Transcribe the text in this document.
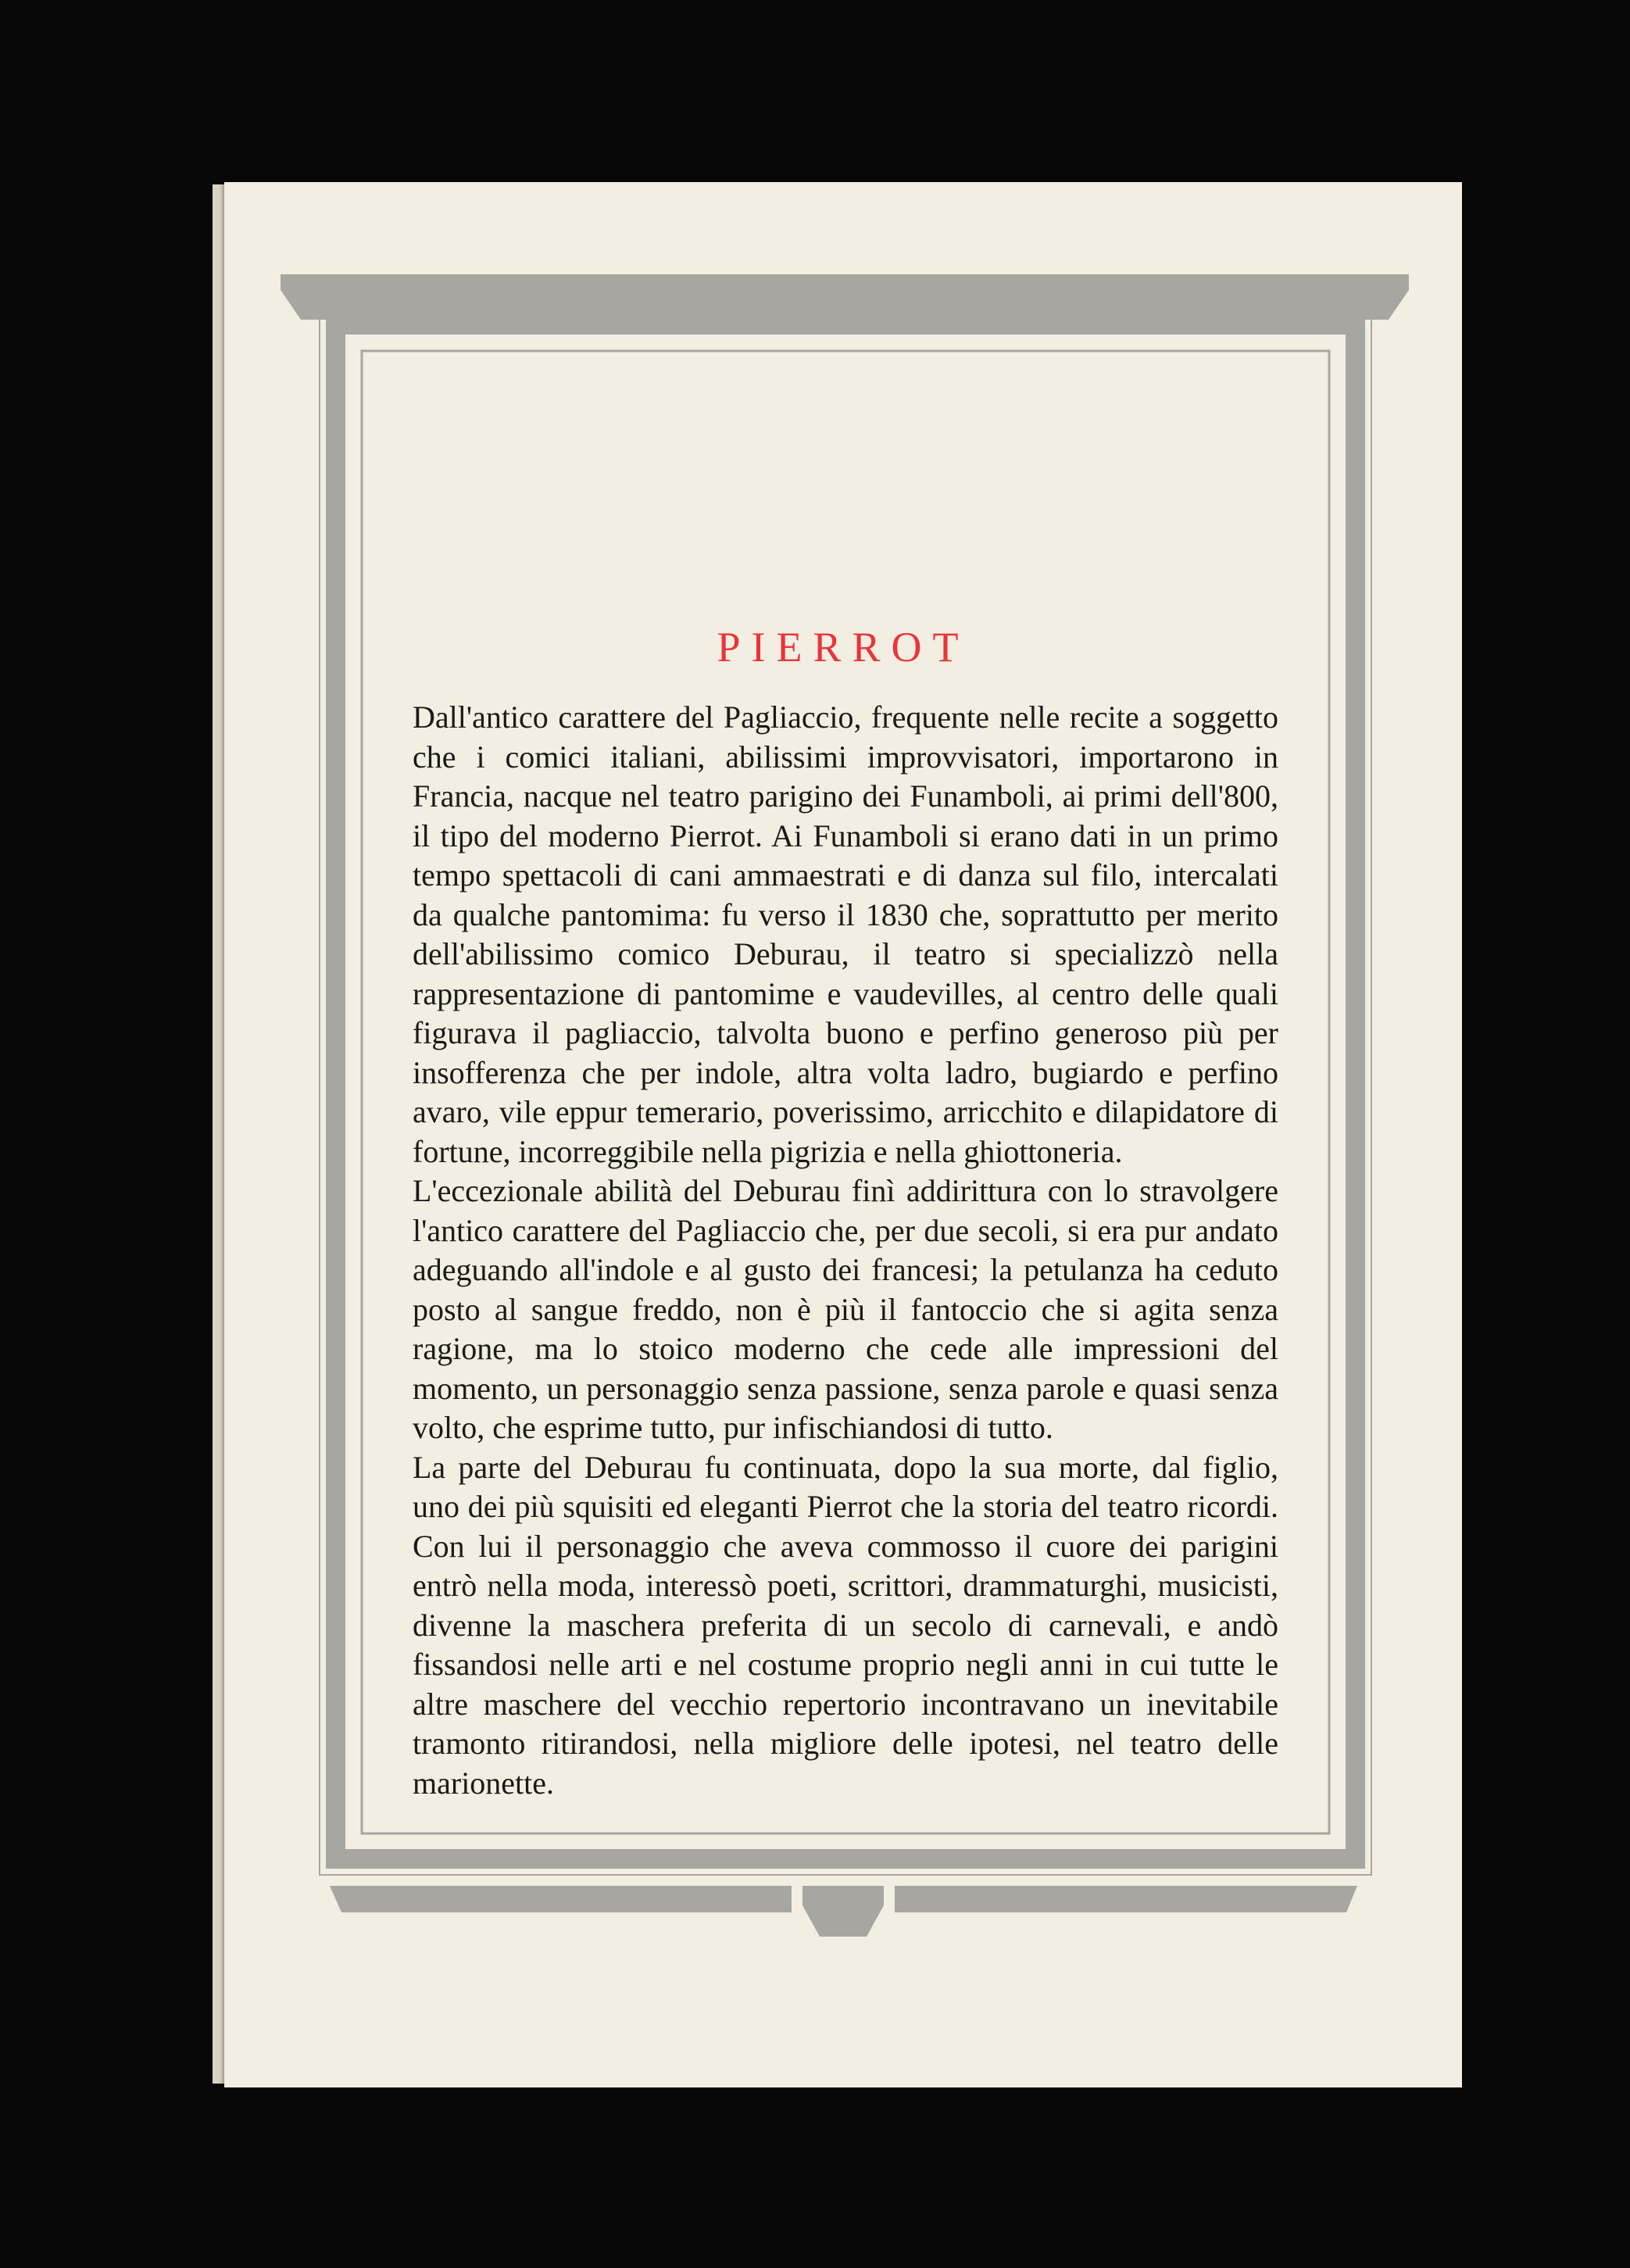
PIERROT

Dall'antico carattere del Pagliaccio, frequente nelle recite a soggetto che i comici italiani, abilissimi improvvisatori, importarono in Francia, nacque nel teatro parigino dei Funamboli, ai primi dell'800, il tipo del moderno Pierrot. Ai Funamboli si erano dati in un primo tempo spettacoli di cani ammaestrati e di danza sul filo, intercalati da qualche pantomima: fu verso il 1830 che, soprattutto per merito dell'abilissimo comico Deburau, il teatro si specializzò nella rappresentazione di pantomime e vaudevilles, al centro delle quali figurava il pagliaccio, talvolta buono e perfino generoso più per insofferenza che per indole, altra volta ladro, bugiardo e perfino avaro, vile eppur temerario, poverissimo, arricchito e dilapidatore di fortune, incorreggibile nella pigrizia e nella ghiottoneria.

L'eccezionale abilità del Deburau finì addirittura con lo stravolgere l'antico carattere del Pagliaccio che, per due secoli, si era pur andato adeguando all'indole e al gusto dei francesi; la petulanza ha ceduto posto al sangue freddo, non è più il fantoccio che si agita senza ragione, ma lo stoico moderno che cede alle impressioni del momento, un personaggio senza passione, senza parole e quasi senza volto, che esprime tutto, pur infischiandosi di tutto.

La parte del Deburau fu continuata, dopo la sua morte, dal figlio, uno dei più squisiti ed eleganti Pierrot che la storia del teatro ricordi. Con lui il personaggio che aveva commosso il cuore dei parigini entrò nella moda, interessò poeti, scrittori, drammaturghi, musicisti, divenne la maschera preferita di un secolo di carnevali, e andò fissandosi nelle arti e nel costume proprio negli anni in cui tutte le altre maschere del vecchio repertorio incontravano un inevitabile tramonto ritirandosi, nella migliore delle ipotesi, nel teatro delle marionette.
